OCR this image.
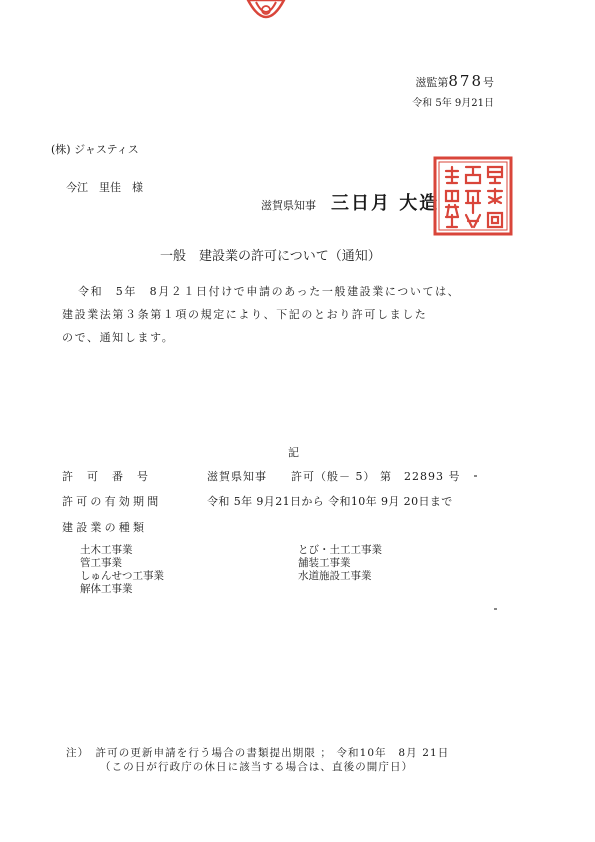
滋監第878号
令和 5年 9月21日
(株) ジャスティス
今江　里佳　様
滋賀県知事 三日月 大造
一般　建設業の許可について（通知）
令和　5年　8月２１日付けで申請のあった一般建設業については、
建設業法第３条第１項の規定により、下記のとおり許可しました
ので、通知します。
記
許可番号	滋賀県知事　　許可（般－ 5） 第　22893 号
許可の有効期間	令和 5年 9月21日から 令和10年 9月 20日まで
建設業の種類
土木工事業
管工事業
しゅんせつ工事業
解体工事業
とび・土工工事業
舗装工事業
水道施設工事業
注）　許可の更新申請を行う場合の書類提出期限 ； 令和10年　8月 21日
（この日が行政庁の休日に該当する場合は、直後の開庁日）
